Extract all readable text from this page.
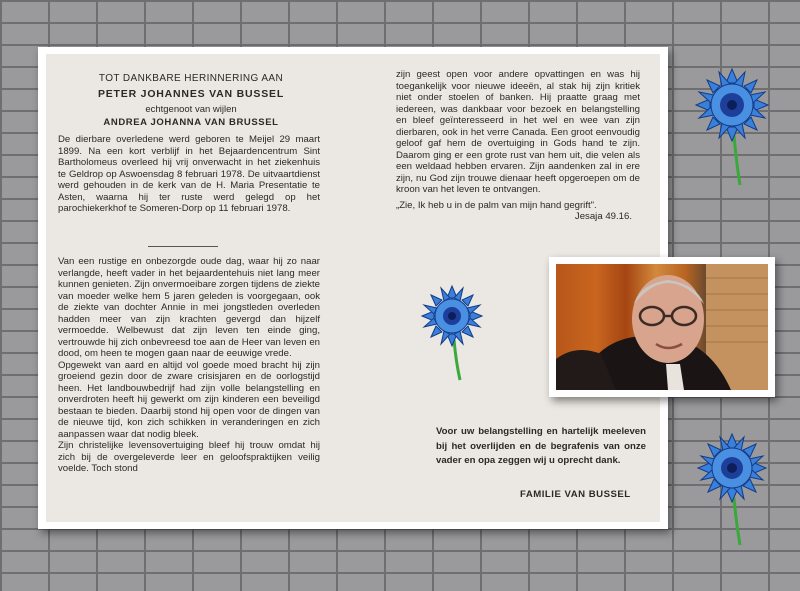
TOT DANKBARE HERINNERING AAN
PETER JOHANNES VAN BUSSEL
echtgenoot van wijlen
ANDREA JOHANNA VAN BRUSSEL

De dierbare overledene werd geboren te Meijel 29 maart 1899. Na een kort verblijf in het Bejaardencentrum Sint Bartholomeus overleed hij vrij onverwacht in het ziekenhuis te Geldrop op Aswoensdag 8 februari 1978. De uitvaartdienst werd gehouden in de kerk van de H. Maria Presentatie te Asten, waarna hij ter ruste werd gelegd op het parochiekerkhof te Someren-Dorp op 11 februari 1978.

Van een rustige en onbezorgde oude dag, waar hij zo naar verlangde, heeft vader in het bejaardentehuis niet lang meer kunnen genieten. Zijn onvermoeibare zorgen tijdens de ziekte van moeder welke hem 5 jaren geleden is voorgegaan, ook de ziekte van dochter Annie in mei jongstleden overleden hadden meer van zijn krachten gevergd dan hijzelf vermoedde. Welbewust dat zijn leven ten einde ging, vertrouwde hij zich onbevreesd toe aan de Heer van leven en dood, om heen te mogen gaan naar de eeuwige vrede.

Opgewekt van aard en altijd vol goede moed bracht hij zijn groeiend gezin door de zware crisisjaren en de oorlogstijd heen. Het landbouwbedrijf had zijn volle belangstelling en onverdroten heeft hij gewerkt om zijn kinderen een beveiligd bestaan te bieden. Daarbij stond hij open voor de dingen van de nieuwe tijd, kon zich schikken in veranderingen en zich aanpassen waar dat nodig bleek.

Zijn christelijke levensovertuiging bleef hij trouw omdat hij zich bij de overgeleverde leer en geloofspraktijken veilig voelde. Toch stond

zijn geest open voor andere opvattingen en was hij toegankelijk voor nieuwe ideeën, al stak hij zijn kritiek niet onder stoelen of banken. Hij praatte graag met iedereen, was dankbaar voor bezoek en belangstelling en bleef geïnteresseerd in het wel en wee van zijn dierbaren, ook in het verre Canada. Een groot eenvoudig geloof gaf hem de overtuiging in Gods hand te zijn. Daarom ging er een grote rust van hem uit, die velen als een weldaad hebben ervaren. Zijn aandenken zal in ere zijn, nu God zijn trouwe dienaar heeft opgeroepen om de kroon van het leven te ontvangen.

„Zie, Ik heb u in de palm van mijn hand gegrift".

Jesaja 49.16.

Voor uw belangstelling en hartelijk meeleven bij het overlijden en de begrafenis van onze vader en opa zeggen wij u oprecht dank.

FAMILIE VAN BUSSEL
